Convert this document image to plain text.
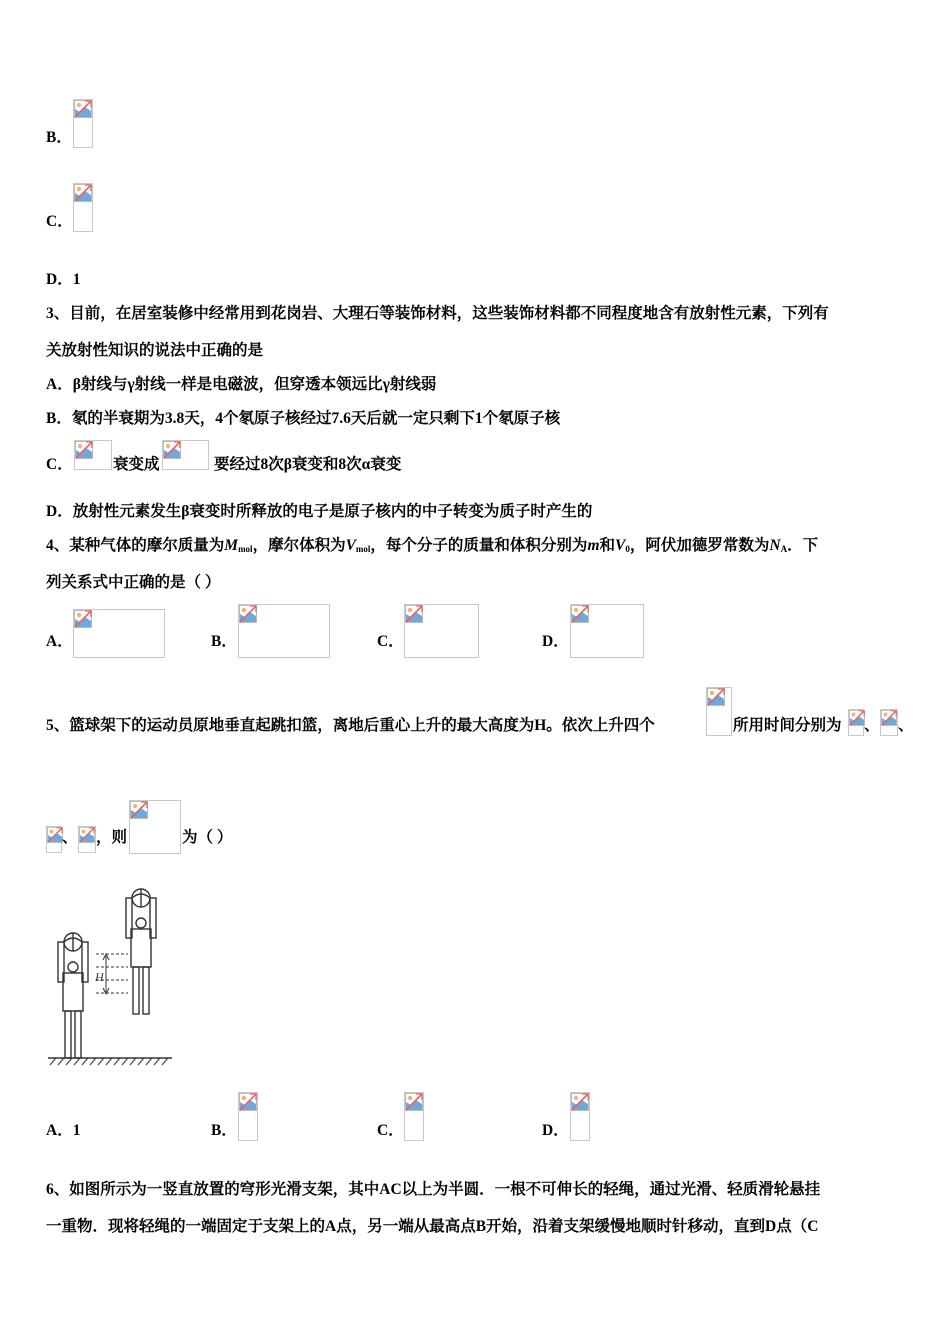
B．
C．
D．1
3、目前，在居室装修中经常用到花岗岩、大理石等装饰材料，这些装饰材料都不同程度地含有放射性元素，下列有
关放射性知识的说法中正确的是
A．β射线与γ射线一样是电磁波，但穿透本领远比γ射线弱
B．氡的半衰期为3.8天，4个氡原子核经过7.6天后就一定只剩下1个氡原子核
C．	衰变成	要经过8次β衰变和8次α衰变
D．放射性元素发生β衰变时所释放的电子是原子核内的中子转变为质子时产生的
4、某种气体的摩尔质量为$M_{mol}$，摩尔体积为$V_{mol}$，每个分子的质量和体积分别为m和$V_0$，阿伏加德罗常数为$N_A$．下
列关系式中正确的是（ ）
A．	B．	C．	D．
5、篮球架下的运动员原地垂直起跳扣篮，离地后重心上升的最大高度为H。依次上升四个	所用时间分别为 、 、
、 ，则	为（ ）
H
A．1	B．	C．	D．
6、如图所示为一竖直放置的穹形光滑支架，其中AC以上为半圆．一根不可伸长的轻绳，通过光滑、轻质滑轮悬挂
一重物．现将轻绳的一端固定于支架上的A点，另一端从最高点B开始，沿着支架缓慢地顺时针移动，直到D点（C
